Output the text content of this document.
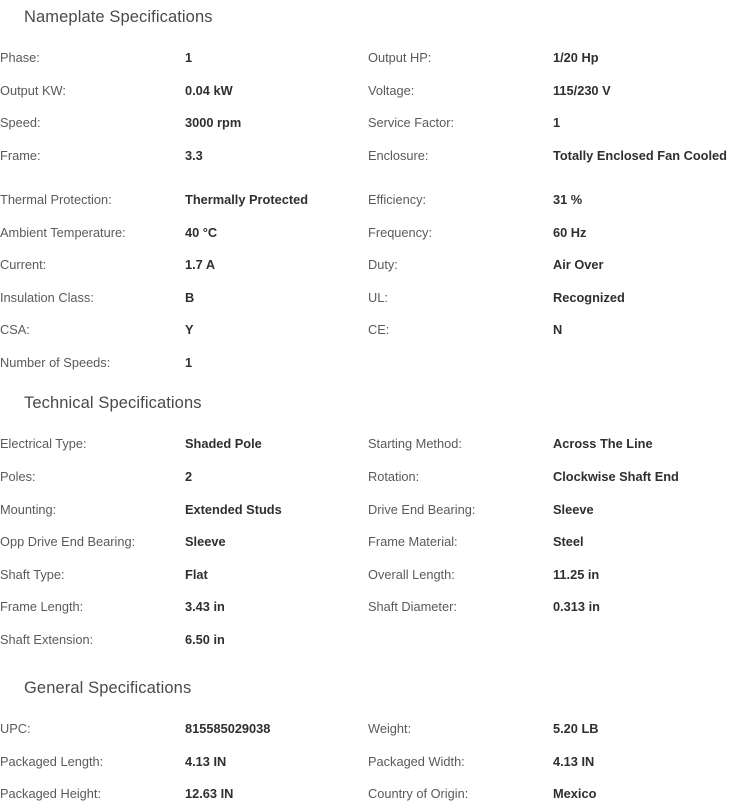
Nameplate Specifications
Phase:	1	Output HP:	1/20 Hp
Output KW:	0.04 kW	Voltage:	115/230 V
Speed:	3000 rpm	Service Factor:	1
Frame:	3.3	Enclosure:	Totally Enclosed Fan Cooled
Thermal Protection:	Thermally Protected	Efficiency:	31 %
Ambient Temperature:	40 °C	Frequency:	60 Hz
Current:	1.7 A	Duty:	Air Over
Insulation Class:	B	UL:	Recognized
CSA:	Y	CE:	N
Number of Speeds:	1		
Technical Specifications
Electrical Type:	Shaded Pole	Starting Method:	Across The Line
Poles:	2	Rotation:	Clockwise Shaft End
Mounting:	Extended Studs	Drive End Bearing:	Sleeve
Opp Drive End Bearing:	Sleeve	Frame Material:	Steel
Shaft Type:	Flat	Overall Length:	11.25 in
Frame Length:	3.43 in	Shaft Diameter:	0.313 in
Shaft Extension:	6.50 in		
General Specifications
UPC:	815585029038	Weight:	5.20 LB
Packaged Length:	4.13 IN	Packaged Width:	4.13 IN
Packaged Height:	12.63 IN	Country of Origin:	Mexico
